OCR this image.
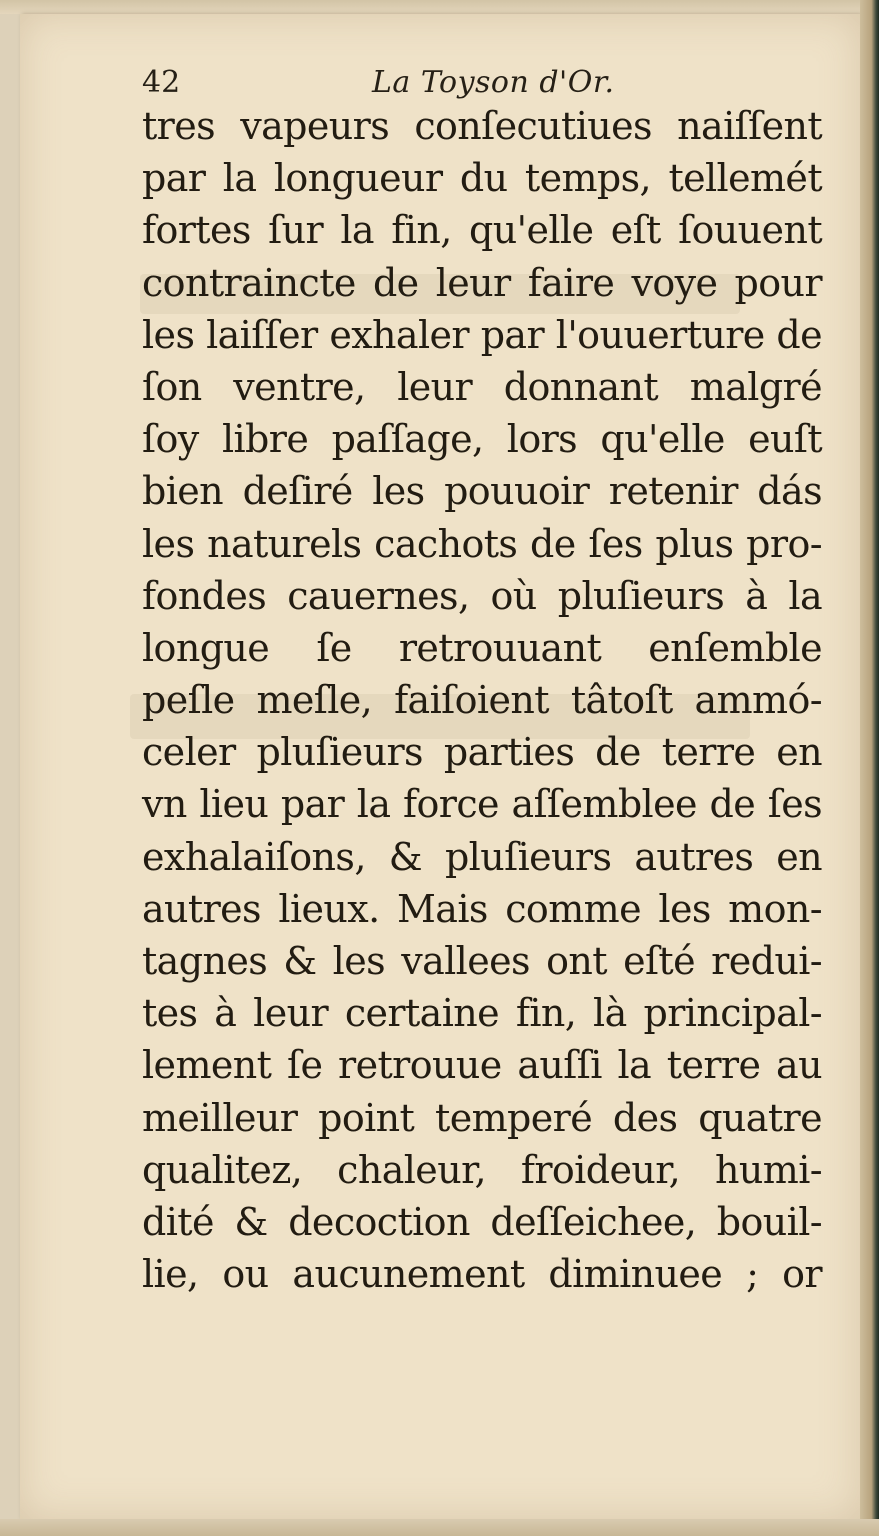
42	La Toyson d'Or.
tres vapeurs conſecutiues naiſſent
par la longueur du temps, tellemét
fortes ſur la fin, qu'elle eſt ſouuent
contraincte de leur faire voye pour
les laiſſer exhaler par l'ouuerture de
ſon ventre, leur donnant malgré
ſoy libre paſſage, lors qu'elle euſt
bien deſiré les pouuoir retenir dás
les naturels cachots de ſes plus pro-
fondes cauernes, où pluſieurs à la
longue ſe retrouuant enſemble
peſle meſle, faiſoient tâtoſt ammó-
celer pluſieurs parties de terre en
vn lieu par la force aſſemblee de ſes
exhalaiſons, & pluſieurs autres en
autres lieux. Mais comme les mon-
tagnes & les vallees ont eſté redui-
tes à leur certaine fin, là principal-
lement ſe retrouue auſſi la terre au
meilleur point temperé des quatre
qualitez, chaleur, froideur, humi-
dité & decoction deſſeichee, bouil-
lie, ou aucunement diminuee ; or
